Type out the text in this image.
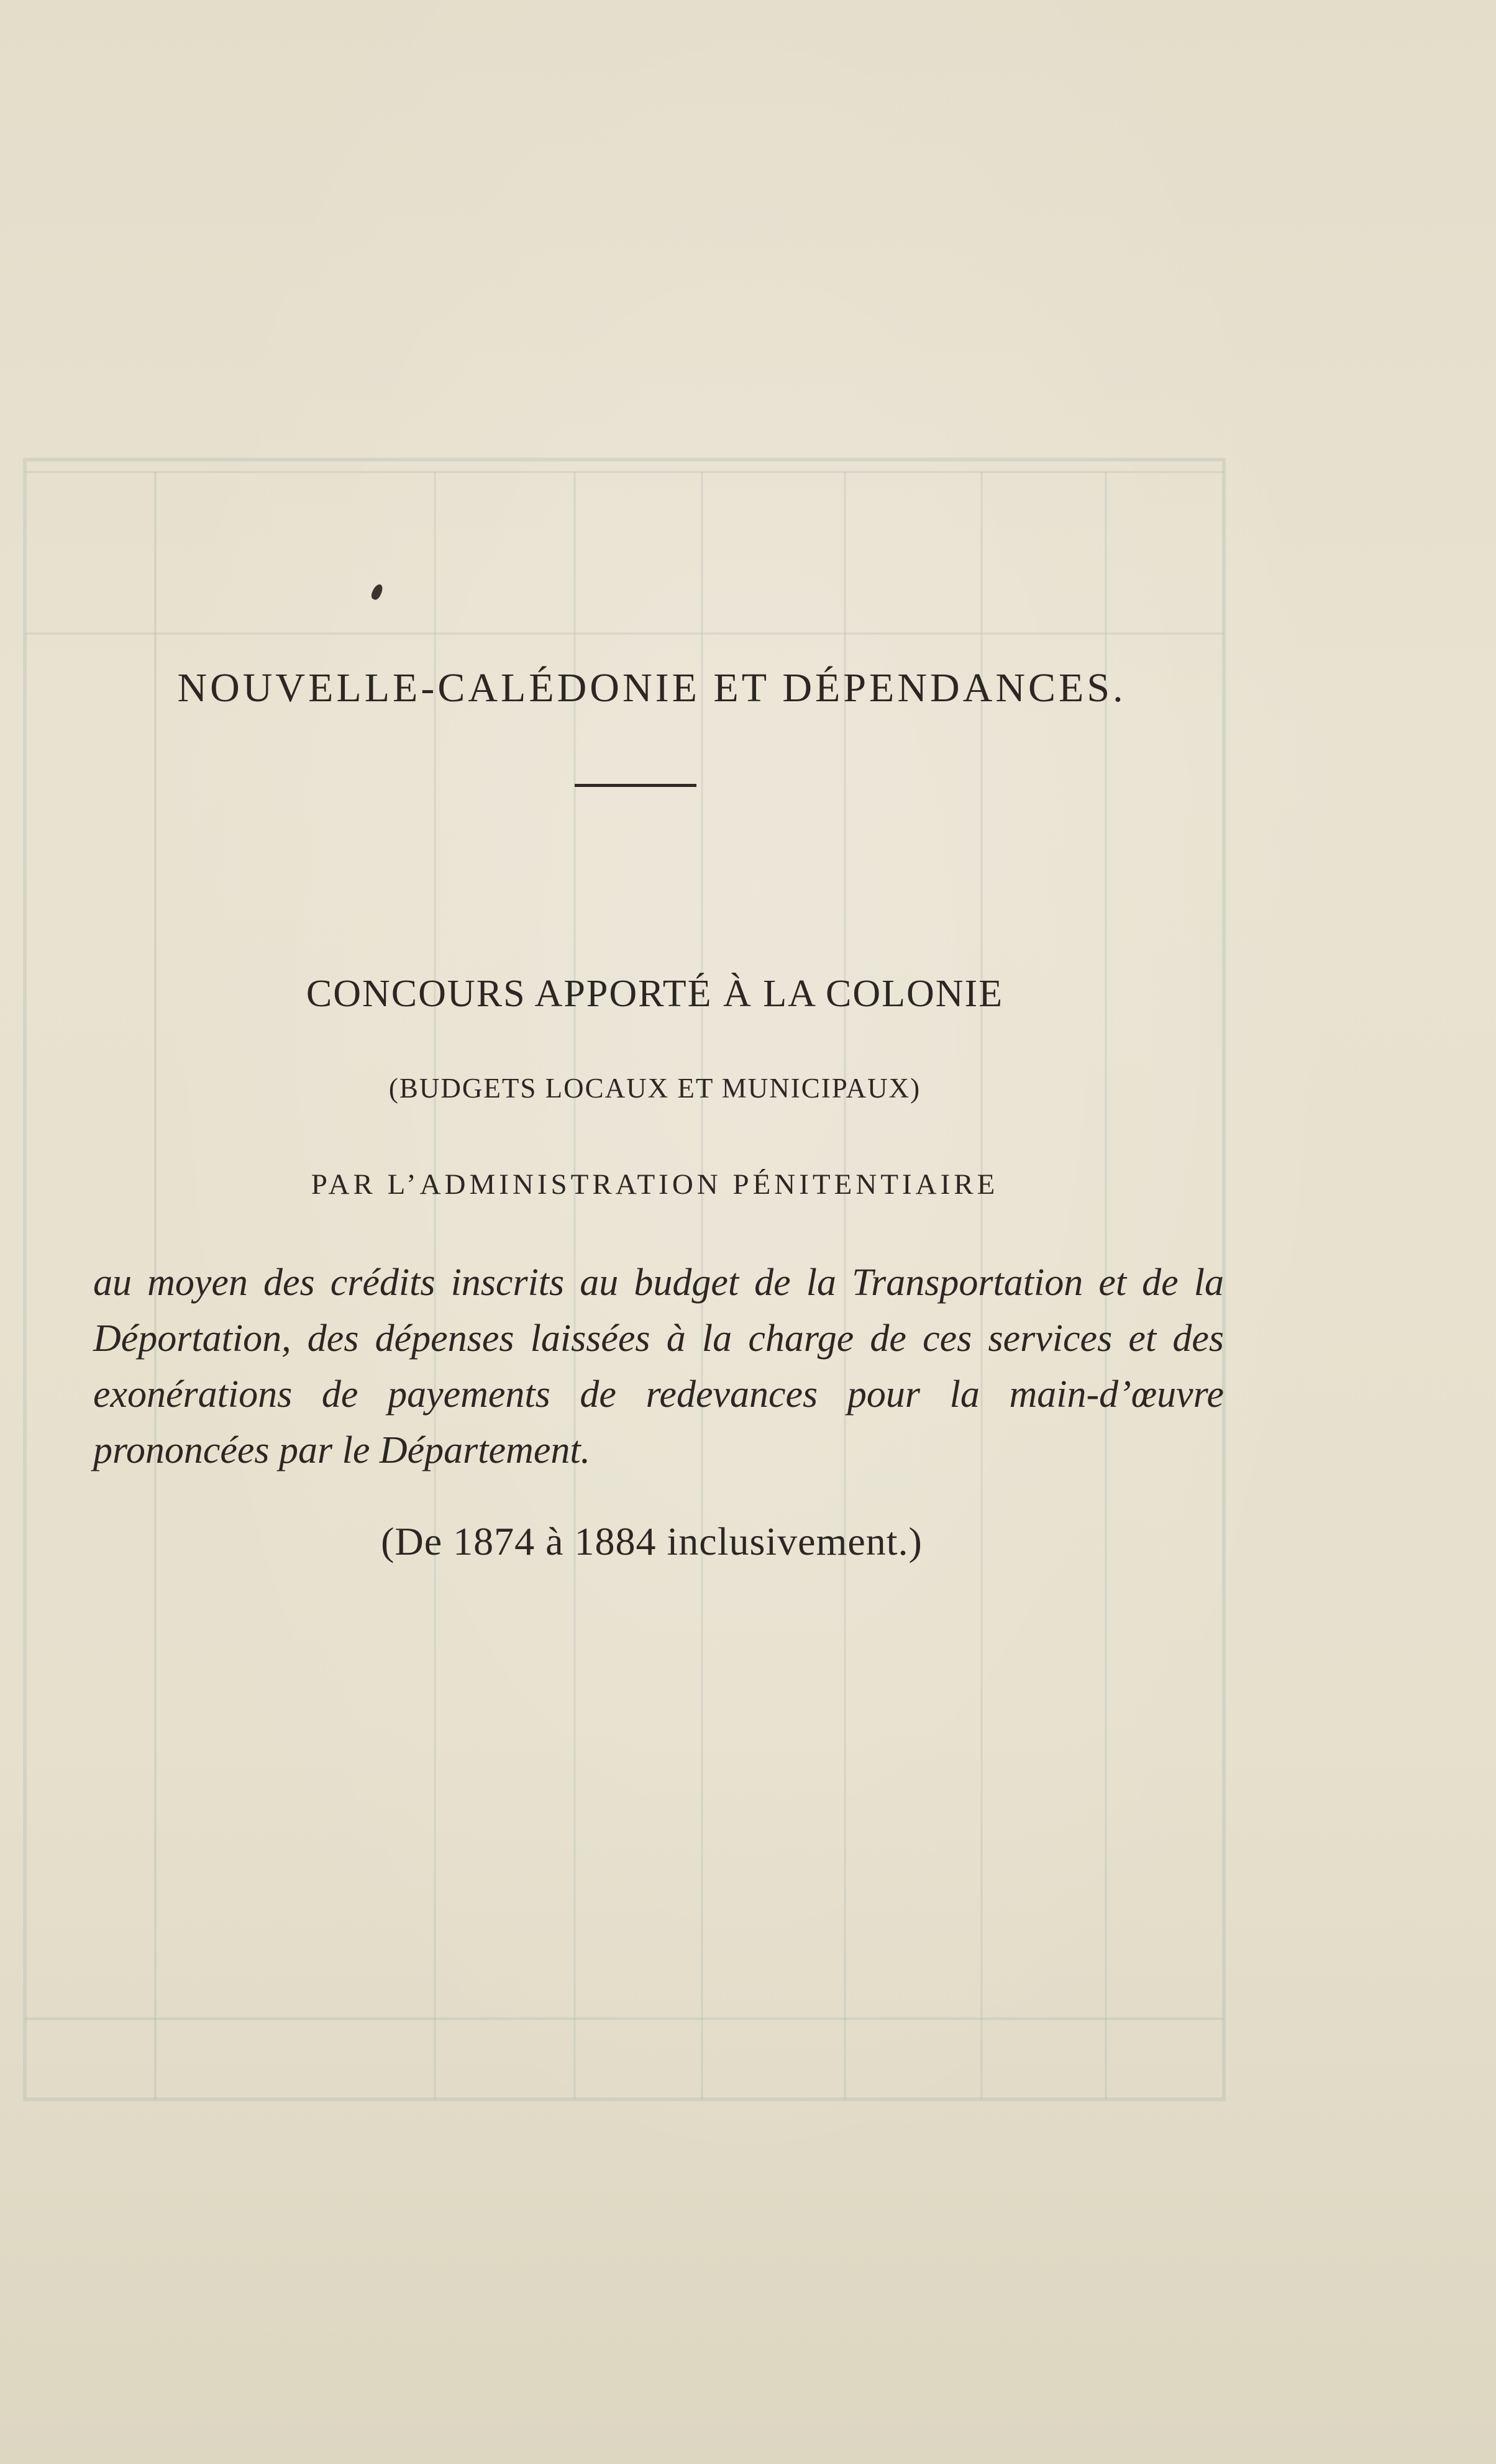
NOUVELLE-CALÉDONIE ET DÉPENDANCES.
CONCOURS APPORTÉ À LA COLONIE
(BUDGETS LOCAUX ET MUNICIPAUX)
PAR L’ADMINISTRATION PÉNITENTIAIRE
au moyen des crédits inscrits au budget de la Transportation et de la Déportation, des dépenses laissées à la charge de ces services et des exonérations de payements de redevances pour la main-d’œuvre prononcées par le Département.
(De 1874 à 1884 inclusivement.)
